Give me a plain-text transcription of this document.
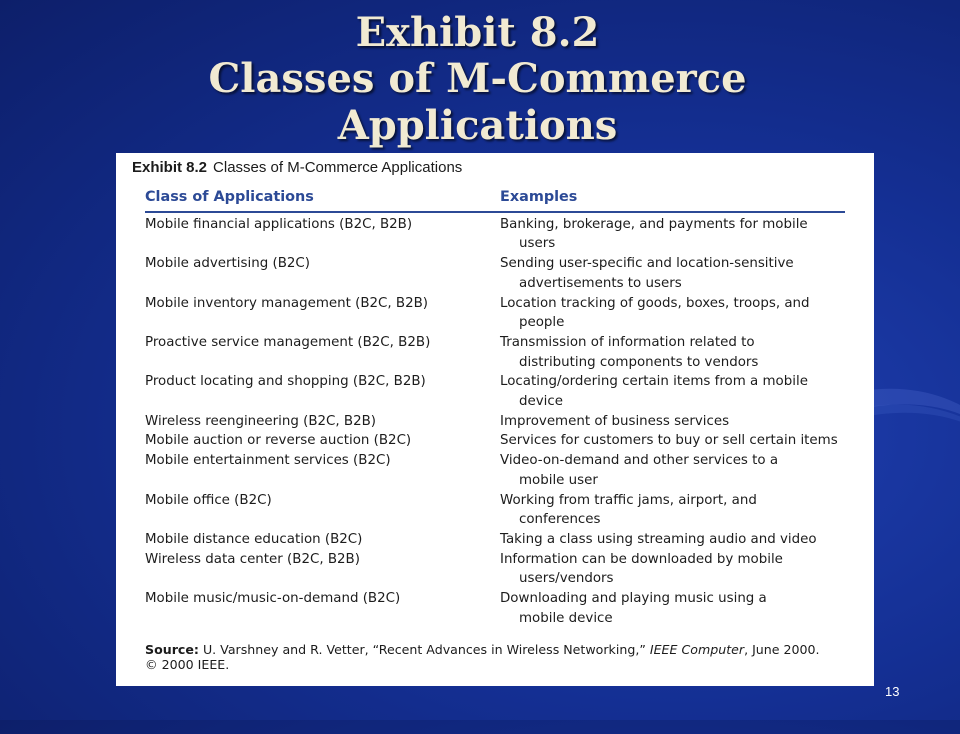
Exhibit 8.2
Classes of M-Commerce
Applications
Exhibit 8.2 Classes of M-Commerce Applications
Class of Applications	Examples
Mobile financial applications (B2C, B2B)	Banking, brokerage, and payments for mobile
users

Mobile advertising (B2C)	Sending user-specific and location-sensitive
advertisements to users

Mobile inventory management (B2C, B2B)	Location tracking of goods, boxes, troops, and
people

Proactive service management (B2C, B2B)	Transmission of information related to
distributing components to vendors

Product locating and shopping (B2C, B2B)	Locating/ordering certain items from a mobile
device

Wireless reengineering (B2C, B2B)	Improvement of business services

Mobile auction or reverse auction (B2C)	Services for customers to buy or sell certain items

Mobile entertainment services (B2C)	Video-on-demand and other services to a
mobile user

Mobile office (B2C)	Working from traffic jams, airport, and
conferences

Mobile distance education (B2C)	Taking a class using streaming audio and video

Wireless data center (B2C, B2B)	Information can be downloaded by mobile
users/vendors

Mobile music/music-on-demand (B2C)	Downloading and playing music using a
mobile device
Source: U. Varshney and R. Vetter, “Recent Advances in Wireless Networking,” IEEE Computer, June 2000.
© 2000 IEEE.
13
